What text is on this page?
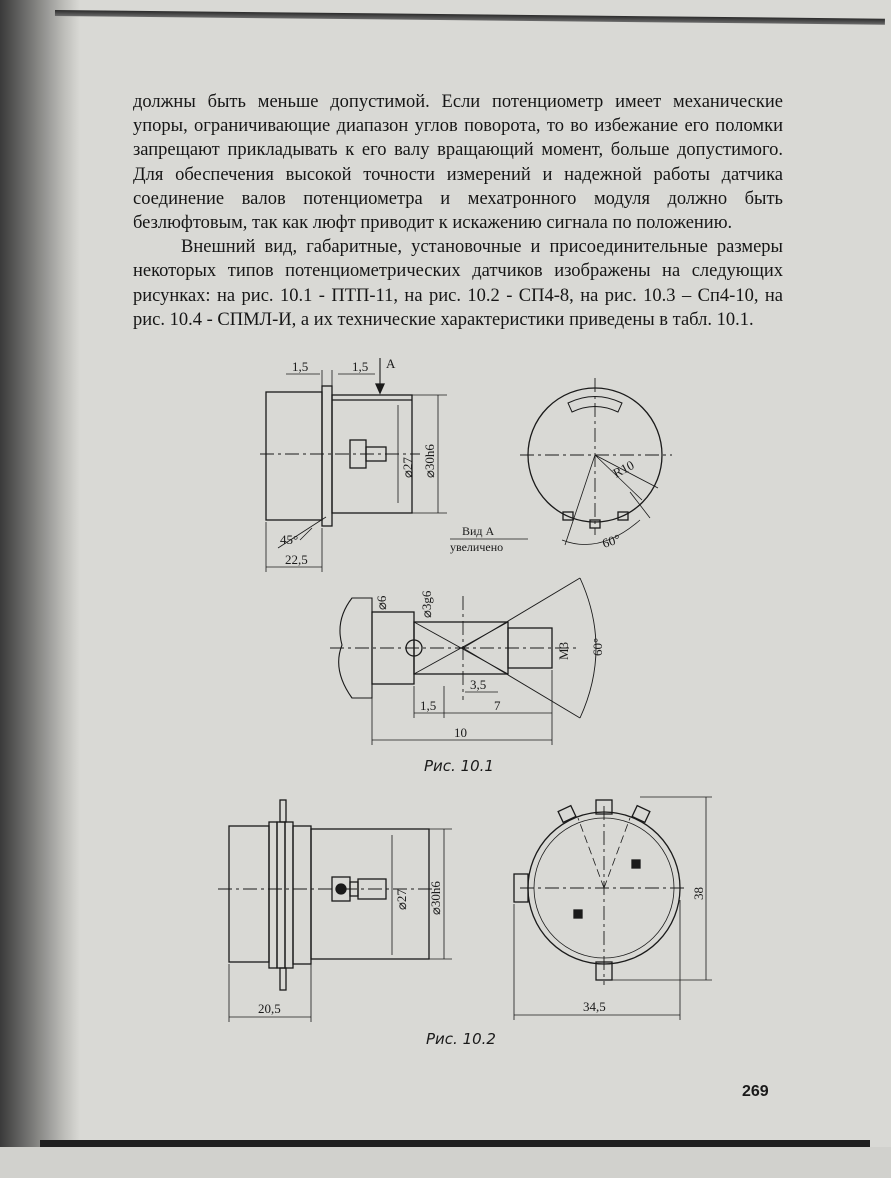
должны быть меньше допустимой. Если потенциометр имеет механические упоры, ограничивающие диапазон углов поворота, то во избежание его поломки запрещают прикладывать к его валу вращающий момент, больше допустимого. Для обеспечения высокой точности измерений и надежной работы датчика соединение валов потенциометра и мехатронного модуля должно быть безлюфтовым, так как люфт приводит к искажению сигнала по положению.

Внешний вид, габаритные, установочные и присоединительные размеры некоторых типов потенциометрических датчиков изображены на следующих рисунках: на рис. 10.1 - ПТП-11, на рис. 10.2 - СП4-8, на рис. 10.3 – Сп4-10, на рис. 10.4 - СПМЛ-И, а их технические характеристики приведены в табл. 10.1.

1,5	1,5 А
⌀27 ⌀30h6
45°
22,5
R10
60°
Вид А
увеличено
⌀6 ⌀3g6
M3 60°
3,5
1,5	7
10
⌀27 ⌀30h6
20,5
38
34,5
Рис. 10.1
Рис. 10.2
269
